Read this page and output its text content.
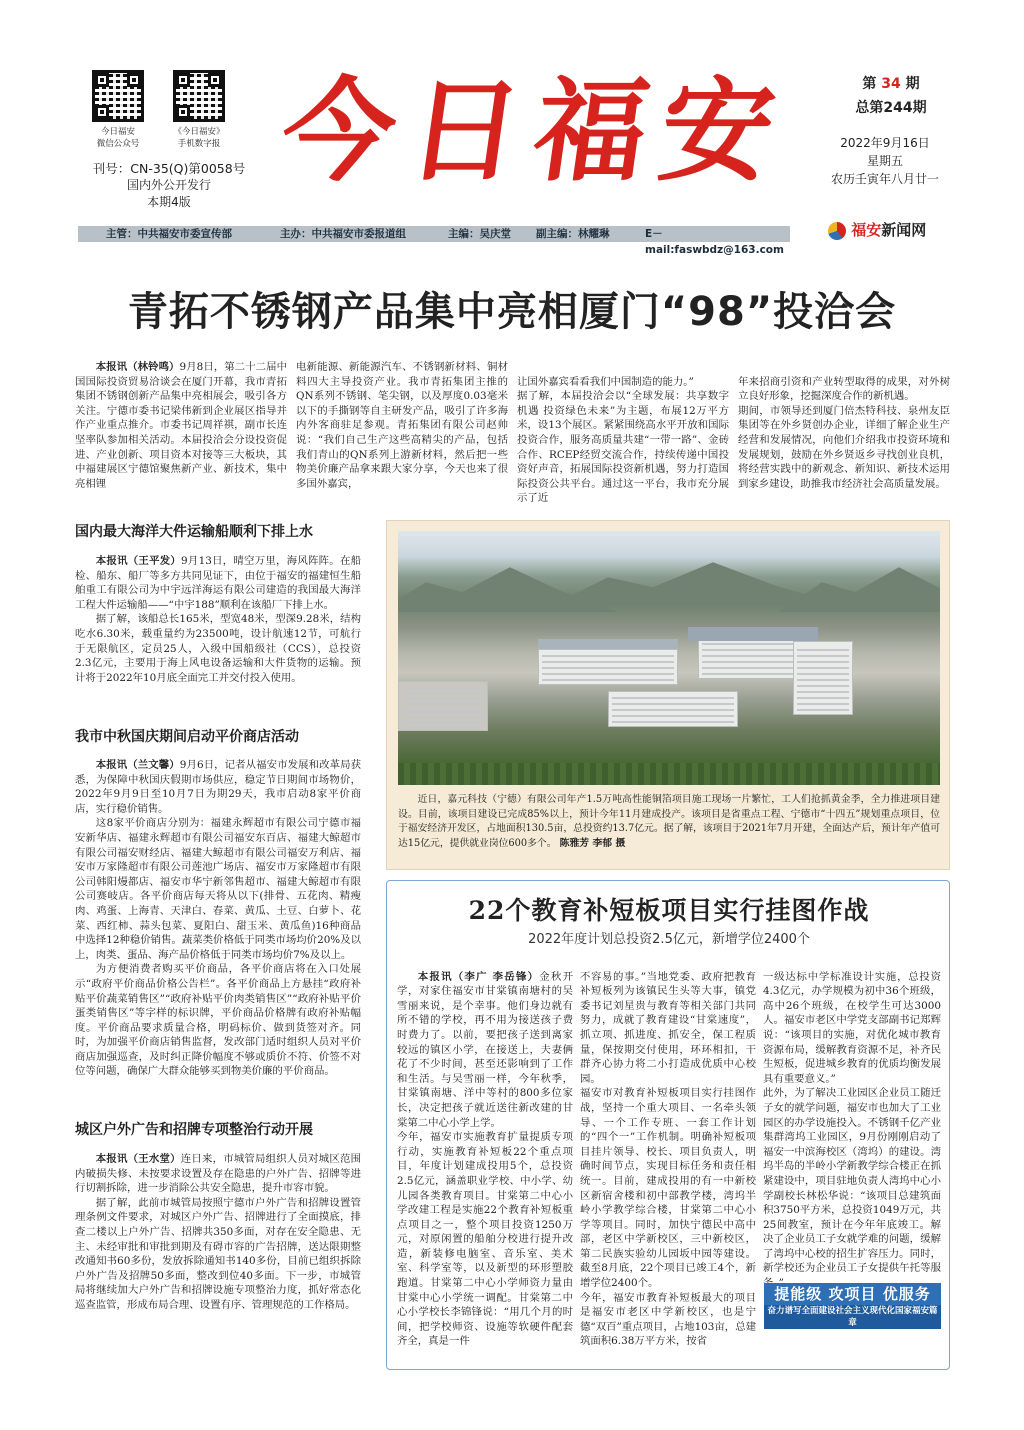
今日福安
微信公众号
《今日福安》
手机数字报
刊号：CN-35(Q)第0058号
国内外公开发行
本期4版
今日福安	第 34 期
总第244期
2022年9月16日
星期五
农历壬寅年八月廿一
主管：中共福安市委宣传部	主办：中共福安市委报道组	主编：吴庆堂 副主编：林耀琳	E－mail:faswbdz@163.com
福安新闻网
青拓不锈钢产品集中亮相厦门“98”投洽会

本报讯（林铃鸣）9月8日，第二十二届中国国际投资贸易洽谈会在厦门开幕，我市青拓集团不锈钢创新产品集中亮相展会，吸引各方关注。宁德市委书记梁伟新到企业展区指导并作产业重点推介。市委书记周祥祺，副市长连坚率队参加相关活动。本届投洽会分设投资促进、产业创新、项目资本对接等三大板块，其中福建展区宁德馆聚焦新产业、新技术，集中亮相锂

电新能源、新能源汽车、不锈钢新材料、铜材料四大主导投资产业。我市青拓集团主推的QN系列不锈钢、笔尖钢，以及厚度0.03毫米以下的手撕钢等自主研发产品，吸引了许多海内外客商驻足参观。青拓集团有限公司赵帅说：“我们自己生产这些高精尖的产品，包括我们青山的QN系列上游新材料，然后把一些物美价廉产品拿来跟大家分享，今天也来了很多国外嘉宾，

让国外嘉宾看看我们中国制造的能力。”
据了解，本届投洽会以“全球发展：共享数字机遇 投资绿色未来”为主题，布展12万平方米，设13个展区。紧紧围绕高水平开放和国际投资合作，服务高质量共建“一带一路”、金砖合作、RCEP经贸交流合作，持续传递中国投资好声音，拓展国际投资新机遇，努力打造国际投资公共平台。通过这一平台，我市充分展示了近

年来招商引资和产业转型取得的成果，对外树立良好形象，挖掘深度合作的新机遇。
期间，市领导还到厦门倍杰特科技、泉州友臣集团等在外乡贤创办企业，详细了解企业生产经营和发展情况，向他们介绍我市投资环境和发展规划，鼓励在外乡贤返乡寻找创业良机，将经营实践中的新观念、新知识、新技术运用到家乡建设，助推我市经济社会高质量发展。

国内最大海洋大件运输船顺利下排上水

本报讯（王平发）9月13日，晴空万里，海风阵阵。在船检、船东、船厂等多方共同见证下，由位于福安的福建恒生船舶重工有限公司为中宇远洋海运有限公司建造的我国最大海洋工程大件运输船——“中宇188”顺利在该船厂下排上水。

据了解，该船总长165米，型宽48米，型深9.28米，结构吃水6.30米，载重量约为23500吨，设计航速12节，可航行于无限航区，定员25人，入级中国船级社（CCS），总投资2.3亿元，主要用于海上风电设备运输和大件货物的运输。预计将于2022年10月底全面完工并交付投入使用。

我市中秋国庆期间启动平价商店活动

本报讯（兰文馨）9月6日，记者从福安市发展和改革局获悉，为保障中秋国庆假期市场供应，稳定节日期间市场物价，2022年9月9日至10月7日为期29天，我市启动8家平价商店，实行稳价销售。

这8家平价商店分别为：福建永辉超市有限公司宁德市福安新华店、福建永辉超市有限公司福安东百店、福建大鲸超市有限公司福安财经店、福建大鲸超市有限公司福安万利店、福安市万家隆超市有限公司莲池广场店、福安市万家隆超市有限公司韩阳熳都店、福安市华宁新邻售超市、福建大鲸超市有限公司赛岐店。各平价商店每天将从以下(排骨、五花肉、精瘦肉、鸡蛋、上海青、天津白、春菜、黄瓜、土豆、白萝卜、花菜、西红柿、蒜头包菜、夏阳白、甜玉米、黄瓜鱼)16种商品中选择12种稳价销售。蔬菜类价格低于同类市场均价20%及以上，肉类、蛋品、海产品价格低于同类市场均价7%及以上。

为方便消费者购买平价商品，各平价商店将在入口处展示“政府平价商品价格公告栏”。各平价商品上方悬挂“政府补贴平价蔬菜销售区”“政府补贴平价肉类销售区”“政府补贴平价蛋类销售区”等字样的标识牌，平价商品价格牌有政府补贴幅度。平价商品要求质量合格，明码标价、做到货签对齐。同时，为加强平价商店销售监督，发改部门适时组织人员对平价商店加强巡查，及时纠正降价幅度不够或质价不符、价签不对位等问题，确保广大群众能够买到物美价廉的平价商品。

城区户外广告和招牌专项整治行动开展

本报讯（王水堂）连日来，市城管局组织人员对城区范围内破损失修、未按要求设置及存在隐患的户外广告、招牌等进行切割拆除，进一步消除公共安全隐患，提升市容市貌。

据了解，此前市城管局按照宁德市户外广告和招牌设置管理条例文件要求，对城区户外广告、招牌进行了全面摸底，排查二楼以上户外广告、招牌共350多面，对存在安全隐患、无主、未经审批和审批到期及有碍市容的广告招牌，送达限期整改通知书60多份，发放拆除通知书140多份，目前已组织拆除户外广告及招牌50多面，整改到位40多面。下一步，市城管局将继续加大户外广告和招牌设施专项整治力度，抓好常态化巡查监管，形成布局合理、设置有序、管理规范的工作格局。

近日，嘉元科技（宁德）有限公司年产1.5万吨高性能铜箔项目施工现场一片繁忙，工人们抢抓黄金季，全力推进项目建设。目前，该项目建设已完成85%以上，预计今年11月建成投产。该项目是省重点工程、宁德市“十四五”规划重点项目，位于福安经济开发区，占地面积130.5亩，总投资约13.7亿元。据了解，该项目于2021年7月开建，全面达产后，预计年产值可达15亿元，提供就业岗位600多个。 陈雅芳 李郁 摄
22个教育补短板项目实行挂图作战
2022年度计划总投资2.5亿元，新增学位2400个

本报讯（李广 李岳锋）金秋开学，对家住福安市甘棠镇南塘村的吴雪丽来说，是个幸事。他们身边就有所不错的学校，再不用为接送孩子费时费力了。以前，要把孩子送到离家较远的镇区小学，在接送上，夫妻俩花了不少时间，甚至还影响到了工作和生活。与吴雪丽一样，今年秋季，甘棠镇南塘、洋中等村的800多位家长，决定把孩子就近送往新改建的甘棠第二中心小学上学。
今年，福安市实施教育扩量提质专项行动，实施教育补短板22个重点项目，年度计划建成投用5个，总投资2.5亿元，涵盖职业学校、中小学、幼儿园各类教育项目。甘棠第二中心小学改建工程是实施22个教育补短板重点项目之一，整个项目投资1250万元，对原闲置的船舶分校进行提升改造，新装修电脑室、音乐室、美术室、科学室等，以及新型的环形塑胶跑道。甘棠第二中心小学师资力量由甘棠中心小学统一调配。甘棠第二中心小学校长李锦锋说：“用几个月的时间，把学校师资、设施等软硬件配套齐全，真是一件

不容易的事。”当地党委、政府把教育补短板列为该镇民生头等大事，镇党委书记刘星贵与教育等相关部门共同努力，成就了教育建设“甘棠速度”，抓立项、抓进度、抓安全，保工程质量，保按期交付使用，环环相扣，干群齐心协力将二小打造成优质中心校园。
福安市对教育补短板项目实行挂图作战，坚持一个重大项目、一名牵头领导、一个工作专班、一套工作计划的“四个一”工作机制。明确补短板项目挂片领导、校长、项目负责人，明确时间节点，实现目标任务和责任相统一。目前，建成投用的有一中新校区新宿舍楼和初中部教学楼，湾坞半岭小学教学综合楼，甘棠第二中心小学等项目。同时，加快宁德民中高中部，老区中学新校区，三中新校区，第二民族实验幼儿园坂中园等建设。截至8月底，22个项目已竣工4个，新增学位2400个。
今年，福安市教育补短板最大的项目是福安市老区中学新校区，也是宁德“双百”重点项目，占地103亩，总建筑面积6.38万平方米，按省

一级达标中学标准设计实施，总投资4.3亿元，办学规模为初中36个班级，高中26个班级，在校学生可达3000人。福安市老区中学党支部副书记郑辉说：“该项目的实施，对优化城市教育资源布局，缓解教育资源不足，补齐民生短板，促进城乡教育的优质均衡发展具有重要意义。”
此外，为了解决工业园区企业员工随迁子女的就学问题，福安市也加大了工业园区的办学设施投入。不锈钢千亿产业集群湾坞工业园区，9月份刚刚启动了福安一中滨海校区（湾坞）的建设。湾坞半岛的半岭小学新教学综合楼正在抓紧建设中，项目驻地负责人湾坞中心小学副校长林松华说：“该项目总建筑面积3750平方米，总投资1049万元，共25间教室，预计在今年年底竣工。解决了企业员工子女就学难的问题，缓解了湾坞中心校的招生扩容压力。同时，新学校还为企业员工子女提供午托等服

提能级 攻项目 优服务
奋力谱写全面建设社会主义现代化国家福安篇章
